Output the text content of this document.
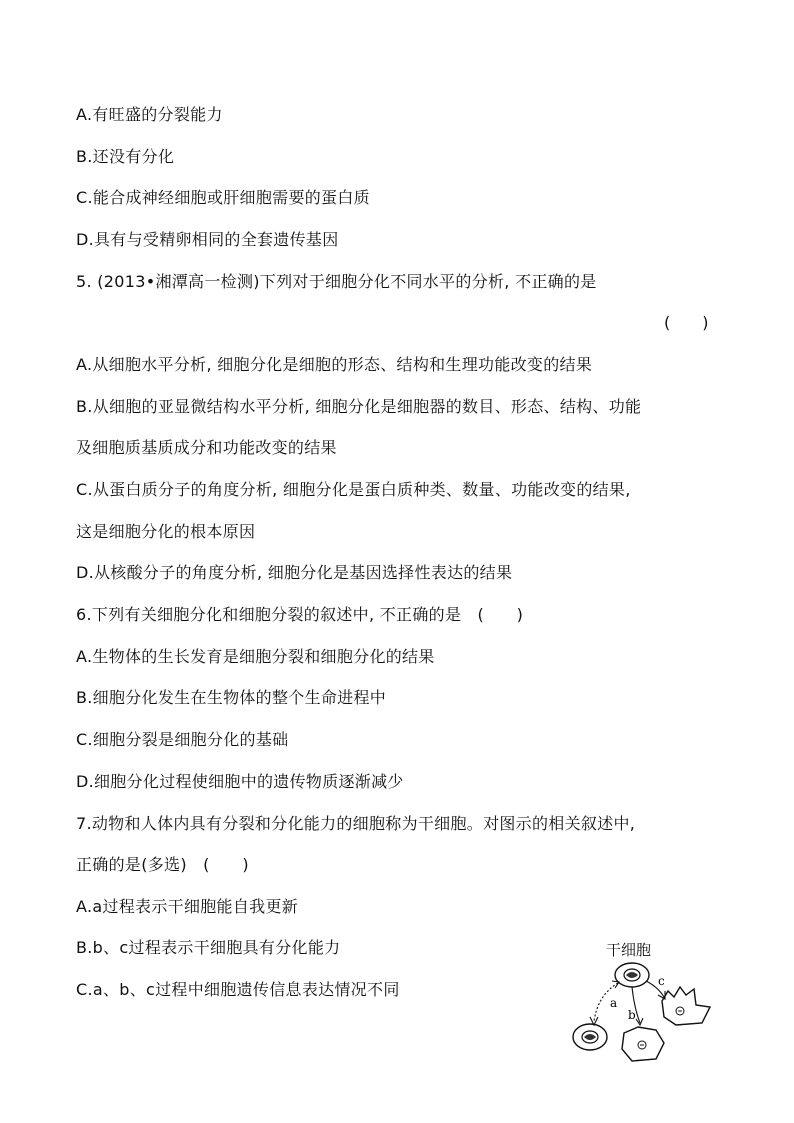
A.有旺盛的分裂能力
B.还没有分化
C.能合成神经细胞或肝细胞需要的蛋白质
D.具有与受精卵相同的全套遗传基因
5. (2013•湘潭高一检测)下列对于细胞分化不同水平的分析, 不正确的是
(　　)
A.从细胞水平分析, 细胞分化是细胞的形态、结构和生理功能改变的结果
B.从细胞的亚显微结构水平分析, 细胞分化是细胞器的数目、形态、结构、功能
及细胞质基质成分和功能改变的结果
C.从蛋白质分子的角度分析, 细胞分化是蛋白质种类、数量、功能改变的结果,
这是细胞分化的根本原因
D.从核酸分子的角度分析, 细胞分化是基因选择性表达的结果
6.下列有关细胞分化和细胞分裂的叙述中, 不正确的是　(　　)
A.生物体的生长发育是细胞分裂和细胞分化的结果
B.细胞分化发生在生物体的整个生命进程中
C.细胞分裂是细胞分化的基础
D.细胞分化过程使细胞中的遗传物质逐渐减少
7.动物和人体内具有分裂和分化能力的细胞称为干细胞。对图示的相关叙述中,
正确的是(多选)　(　　)
A.a过程表示干细胞能自我更新
B.b、c过程表示干细胞具有分化能力
C.a、b、c过程中细胞遗传信息表达情况不同
干细胞
a
b
c
